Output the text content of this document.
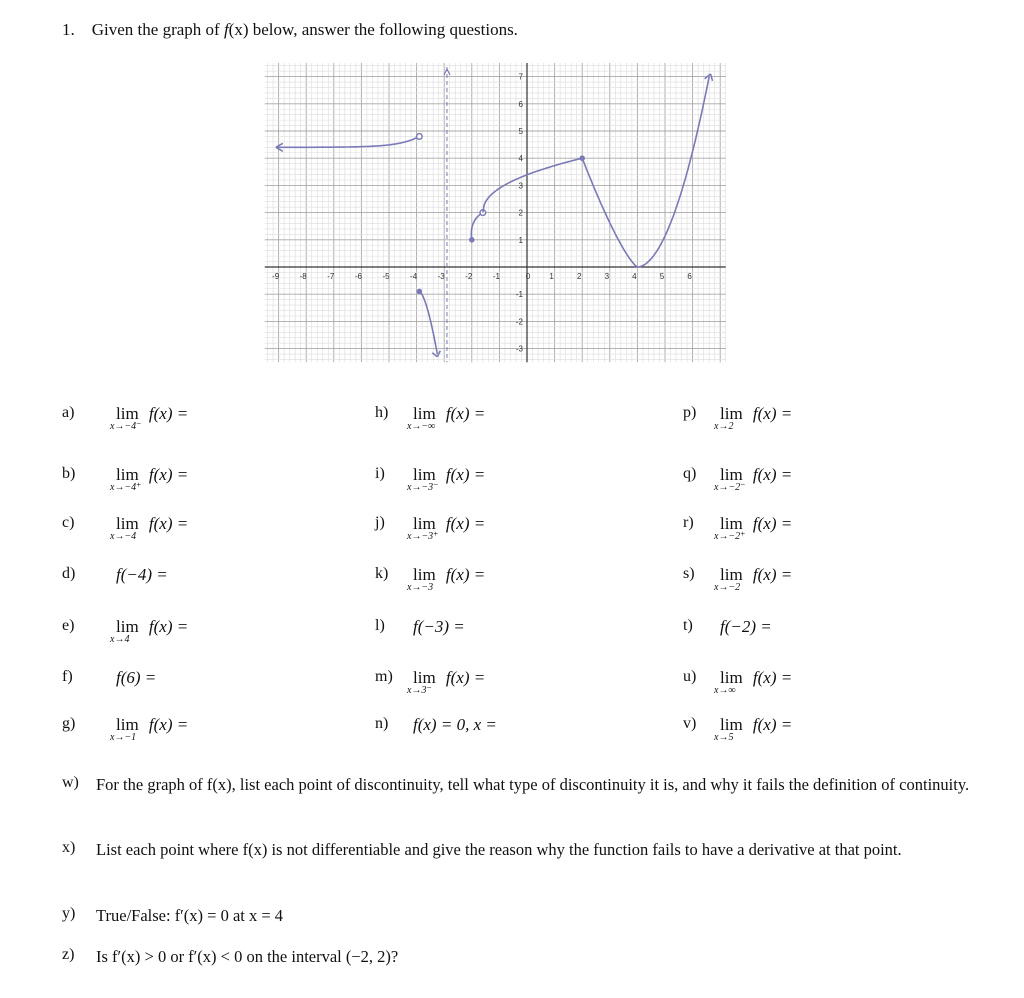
1. Given the graph of f(x) below, answer the following questions.
-9	-8	-7	-6	-5	-4	-3	-2	-1	0 1	2	3	4	5	6
7
6
5
4
3
2
1
-1
-2
-3
a) lim
x→−4⁻
f(x) =
b) lim
x→−4⁺
f(x) =
c) lim
x→−4
f(x) =
d) f(−4) =
e) lim
x→4
f(x) =
f)	f(6) =
g) lim
x→−1
f(x) =
h) lim
x→−∞
f(x) =
i) lim
x→−3⁻
f(x) =
j) lim
x→−3⁺
f(x) =
k) lim
x→−3
f(x) =
l) f(−3) =
m) lim
x→3⁻
f(x) =
n) f(x) = 0, x =
p) lim
x→2
f(x) =
q) lim
x→−2⁻
f(x) =
r) lim
x→−2⁺
f(x) =
s) lim
x→−2
f(x) =
t) f(−2) =
u) lim
x→∞
f(x) =
v) lim
x→5
f(x) =
w) For the graph of f(x), list each point of discontinuity, tell what type of discontinuity it is, and why it fails the definition of continuity.
x) List each point where f(x) is not differentiable and give the reason why the function fails to have a derivative at that point.
y) True/False: f′(x) = 0 at x = 4
z) Is f′(x) > 0 or f′(x) < 0 on the interval (−2, 2)?
